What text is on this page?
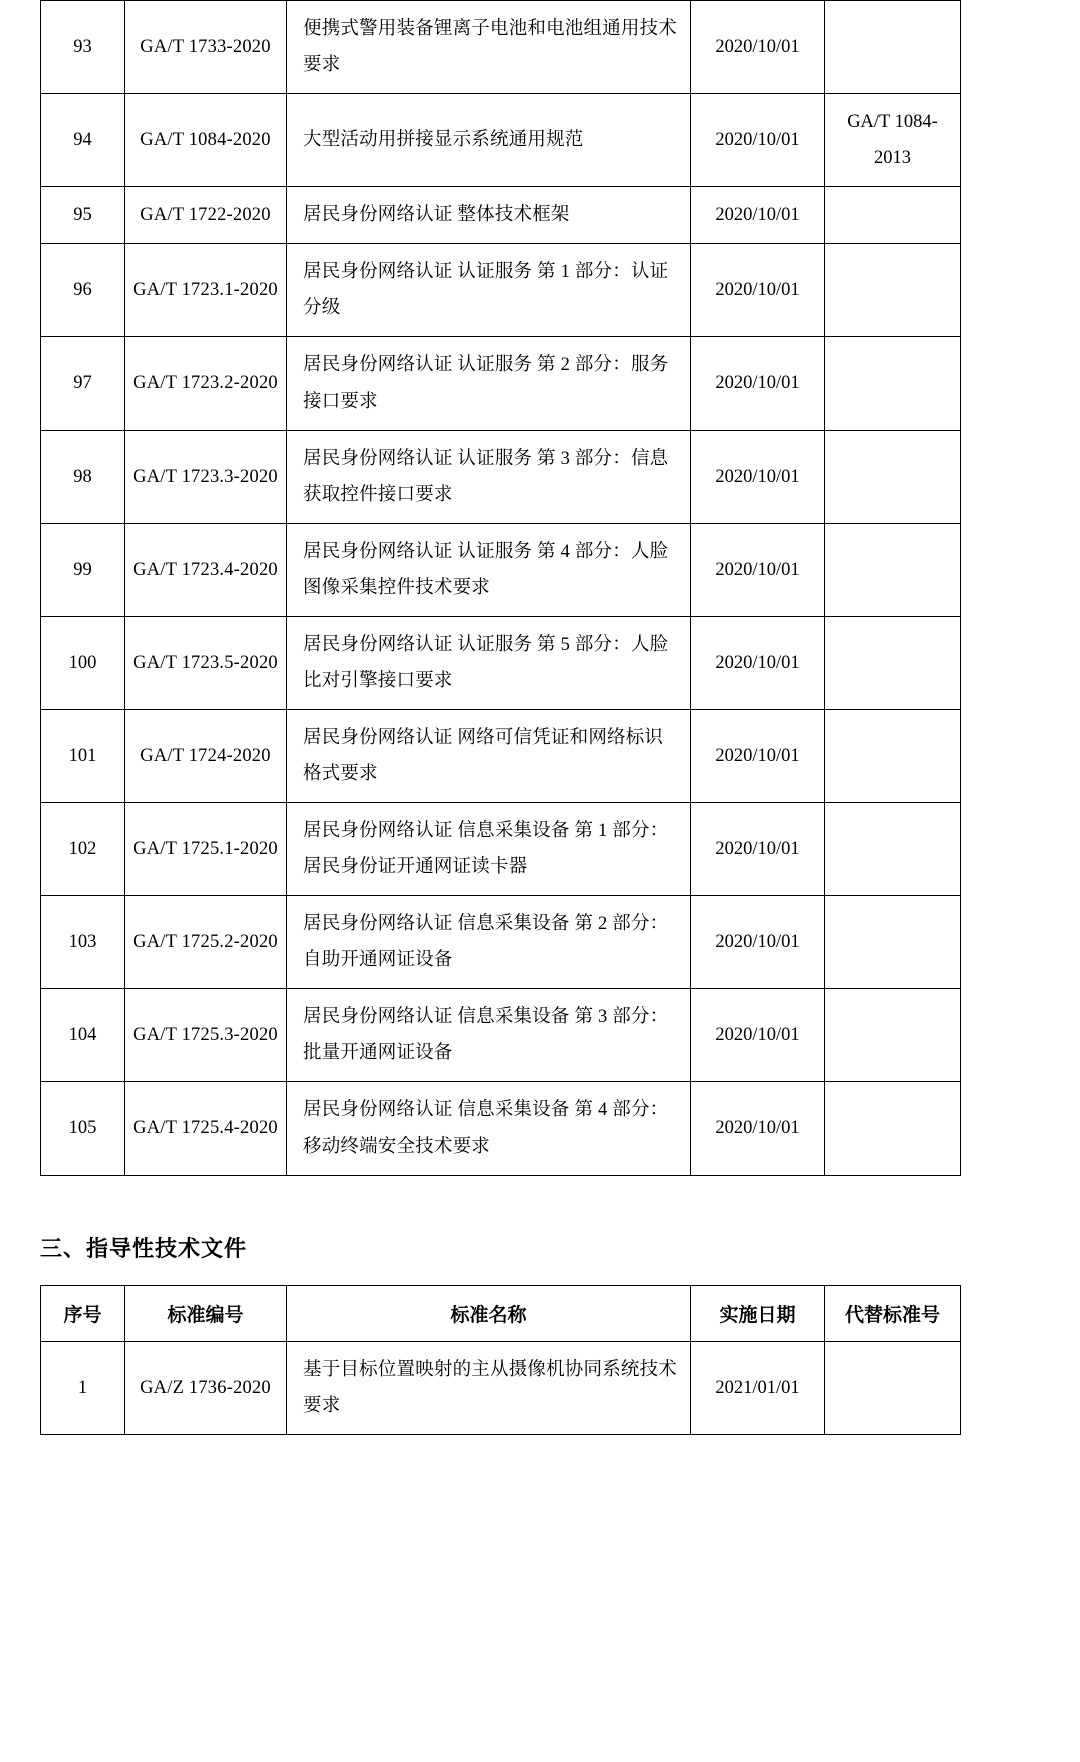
93	GA/T 1733-2020	便携式警用装备锂离子电池和电池组通用技术要求	2020/10/01	

94	GA/T 1084-2020	大型活动用拼接显示系统通用规范	2020/10/01	GA/T 1084-2013

95	GA/T 1722-2020	居民身份网络认证 整体技术框架	2020/10/01	

96	GA/T 1723.1-2020	居民身份网络认证 认证服务 第 1 部分：认证分级	2020/10/01	

97	GA/T 1723.2-2020	居民身份网络认证 认证服务 第 2 部分：服务接口要求	2020/10/01	

98	GA/T 1723.3-2020	居民身份网络认证 认证服务 第 3 部分：信息获取控件接口要求	2020/10/01	

99	GA/T 1723.4-2020	居民身份网络认证 认证服务 第 4 部分：人脸图像采集控件技术要求	2020/10/01	

100	GA/T 1723.5-2020	居民身份网络认证 认证服务 第 5 部分：人脸比对引擎接口要求	2020/10/01	

101	GA/T 1724-2020	居民身份网络认证 网络可信凭证和网络标识格式要求	2020/10/01	

102	GA/T 1725.1-2020	居民身份网络认证 信息采集设备 第 1 部分：居民身份证开通网证读卡器	2020/10/01	

103	GA/T 1725.2-2020	居民身份网络认证 信息采集设备 第 2 部分：自助开通网证设备	2020/10/01	

104	GA/T 1725.3-2020	居民身份网络认证 信息采集设备 第 3 部分：批量开通网证设备	2020/10/01	

105	GA/T 1725.4-2020	居民身份网络认证 信息采集设备 第 4 部分：移动终端安全技术要求	2020/10/01	

三、指导性技术文件
序号	标准编号	标准名称	实施日期	代替标准号

1	GA/Z 1736-2020	基于目标位置映射的主从摄像机协同系统技术要求	2021/01/01	
